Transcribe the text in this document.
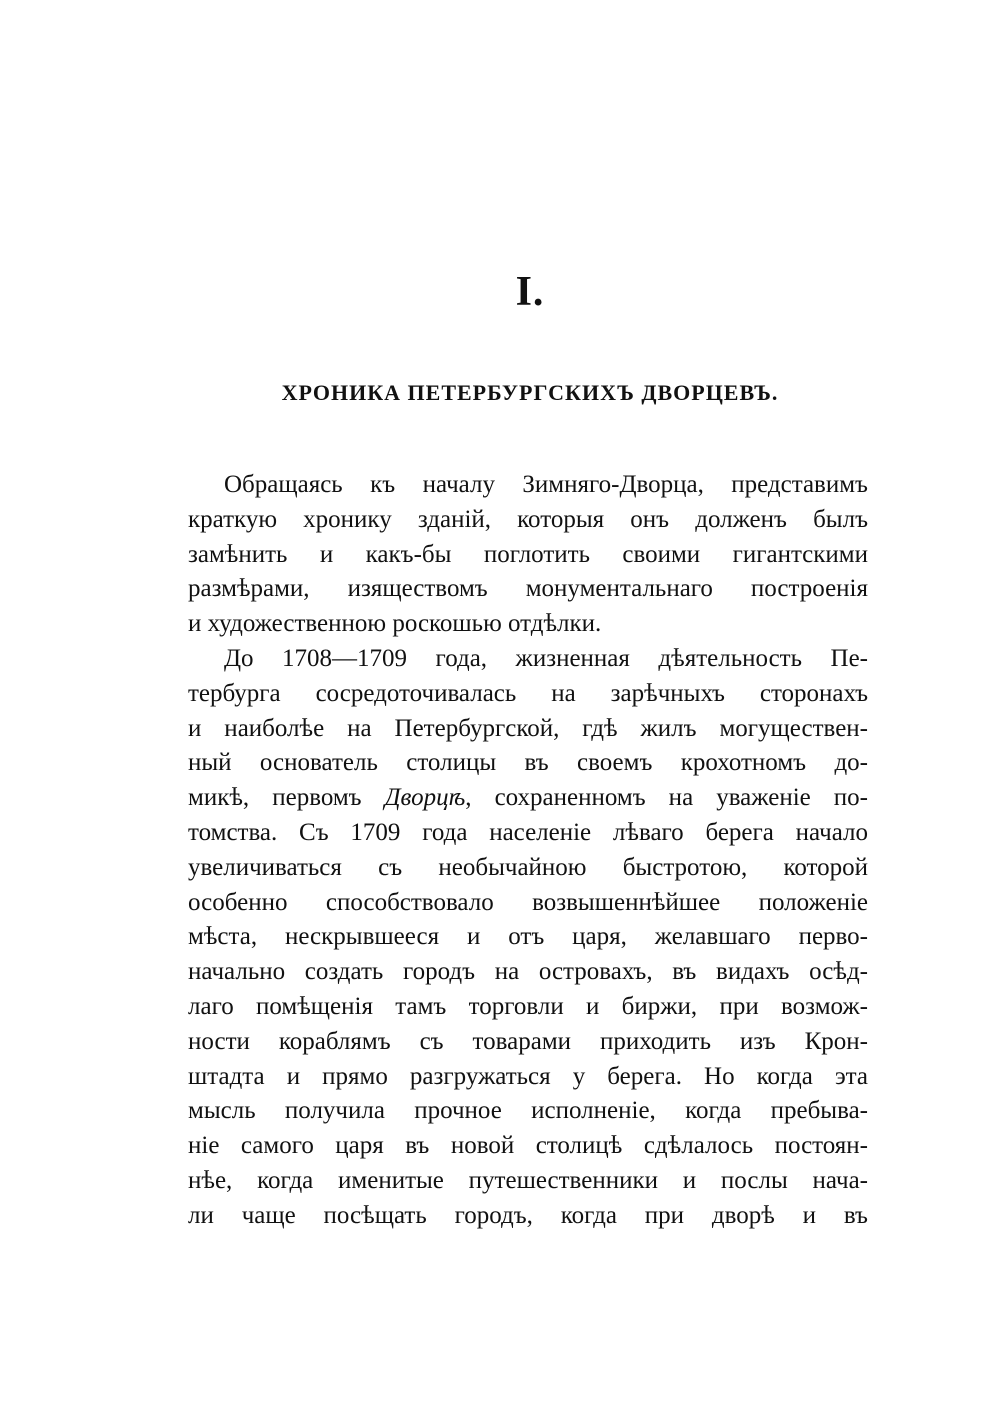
I.
ХРОНИКА ПЕТЕРБУРГСКИХЪ ДВОРЦЕВЪ.
Обращаясь къ началу Зимняго-Дворца, представимъ
краткую хронику зданій, которыя онъ долженъ былъ
замѣнить и какъ-бы поглотить своими гигантскими
размѣрами, изяществомъ монументальнаго построенія
и художественною роскошью отдѣлки.
До 1708—1709 года, жизненная дѣятельность Пе-
тербурга сосредоточивалась на зарѣчныхъ сторонахъ
и наиболѣе на Петербургской, гдѣ жилъ могуществен-
ный основатель столицы въ своемъ крохотномъ до-
микѣ, первомъ Дворцѣ, сохраненномъ на уваженіе по-
томства. Съ 1709 года населеніе лѣваго берега начало
увеличиваться съ необычайною быстротою, которой
особенно способствовало возвышеннѣйшее положеніе
мѣста, нескрывшееся и отъ царя, желавшаго перво-
начально создать городъ на островахъ, въ видахъ осѣд-
лаго помѣщенія тамъ торговли и биржи, при возмож-
ности кораблямъ съ товарами приходить изъ Крон-
штадта и прямо разгружаться у берега. Но когда эта
мысль получила прочное исполненіе, когда пребыва-
ніе самого царя въ новой столицѣ сдѣлалось постоян-
нѣе, когда именитые путешественники и послы нача-
ли чаще посѣщать городъ, когда при дворѣ и въ
